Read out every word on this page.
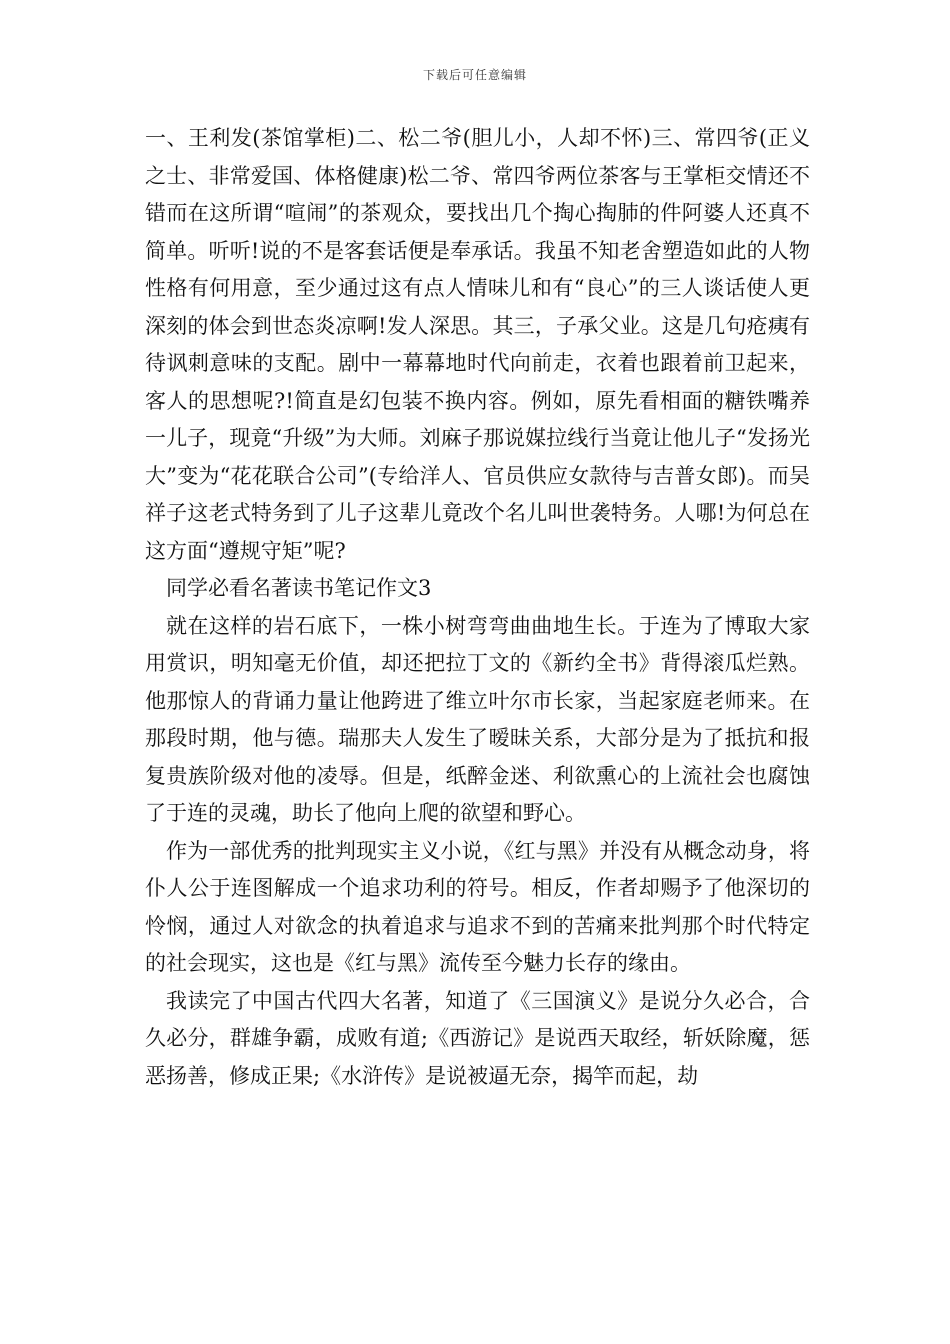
下载后可任意编辑

一、王利发(茶馆掌柜)二、松二爷(胆儿小，人却不怀)三、常四爷(正义之士、非常爱国、体格健康)松二爷、常四爷两位茶客与王掌柜交情还不错而在这所谓“喧闹”的茶观众，要找出几个掏心掏肺的件阿婆人还真不简单。听听!说的不是客套话便是奉承话。我虽不知老舍塑造如此的人物性格有何用意，至少通过这有点人情味儿和有“良心”的三人谈话使人更深刻的体会到世态炎凉啊!发人深思。其三，子承父业。这是几句疮痍有待讽刺意味的支配。剧中一幕幕地时代向前走，衣着也跟着前卫起来，客人的思想呢?!简直是幻包装不换内容。例如，原先看相面的糖铁嘴养一儿子，现竟“升级”为大师。刘麻子那说媒拉线行当竟让他儿子“发扬光大”变为“花花联合公司”(专给洋人、官员供应女款待与吉普女郎)。而吴祥子这老式特务到了儿子这辈儿竟改个名儿叫世袭特务。人哪!为何总在这方面“遵规守矩”呢?

同学必看名著读书笔记作文3

就在这样的岩石底下，一株小树弯弯曲曲地生长。于连为了博取大家用赏识，明知毫无价值，却还把拉丁文的《新约全书》背得滚瓜烂熟。他那惊人的背诵力量让他跨进了维立叶尔市长家，当起家庭老师来。在那段时期，他与德。瑞那夫人发生了暧昧关系，大部分是为了抵抗和报复贵族阶级对他的凌辱。但是，纸醉金迷、利欲熏心的上流社会也腐蚀了于连的灵魂，助长了他向上爬的欲望和野心。

作为一部优秀的批判现实主义小说，《红与黑》并没有从概念动身，将仆人公于连图解成一个追求功利的符号。相反，作者却赐予了他深切的怜悯，通过人对欲念的执着追求与追求不到的苦痛来批判那个时代特定的社会现实，这也是《红与黑》流传至今魅力长存的缘由。

我读完了中国古代四大名著，知道了《三国演义》是说分久必合，合久必分，群雄争霸，成败有道;《西游记》是说西天取经，斩妖除魔，惩恶扬善，修成正果;《水浒传》是说被逼无奈，揭竿而起，劫
